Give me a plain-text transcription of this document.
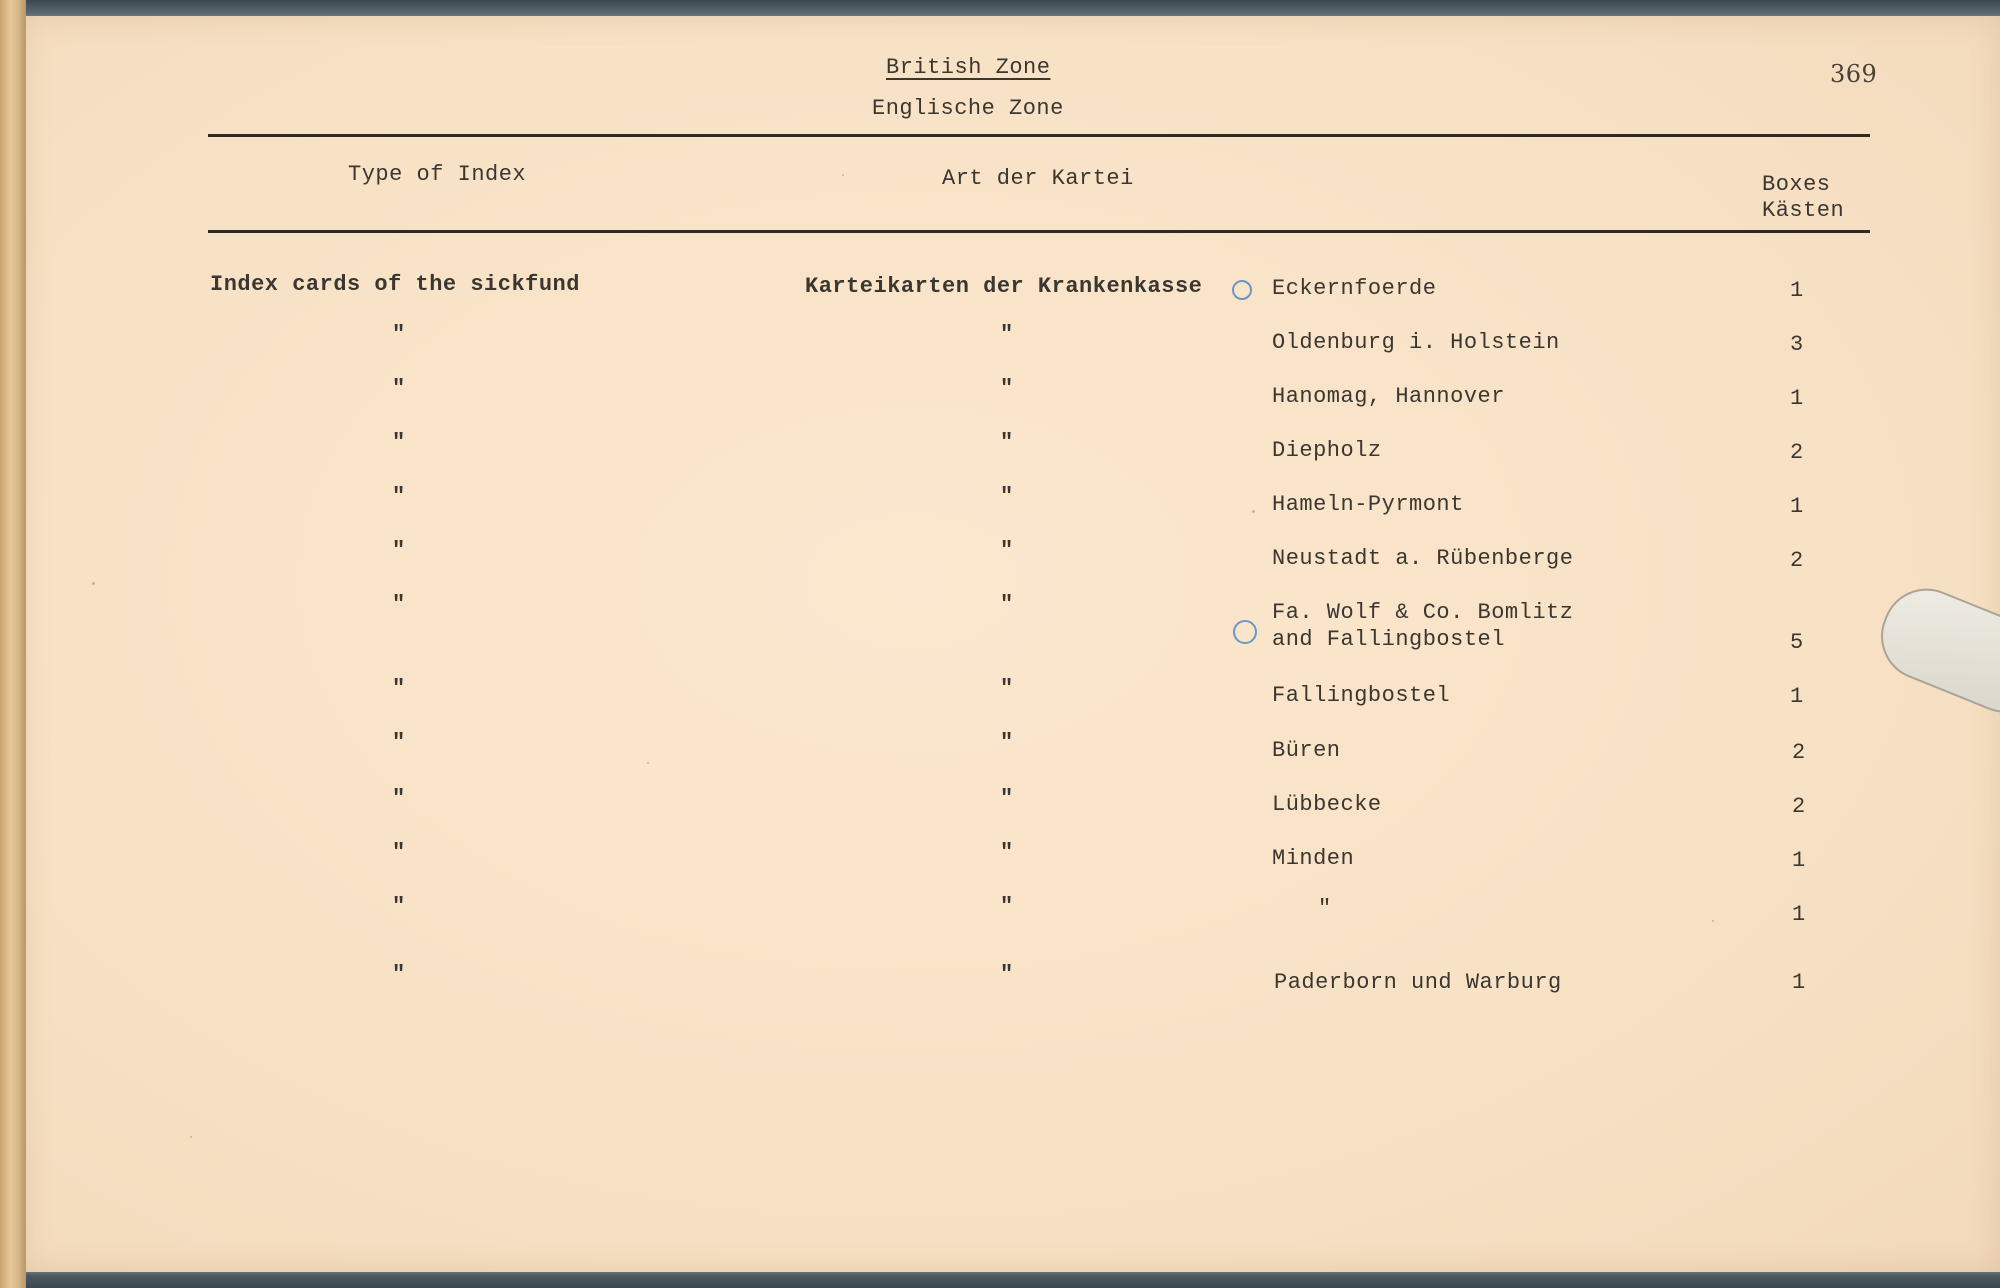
British Zone
Englische Zone
369
Type of Index	Art der Kartei	Boxes
Kästen
Index cards of the sickfund	Karteikarten der Krankenkasse	Eckernfoerde	1
"	"	Oldenburg i. Holstein	3
"	"	Hanomag, Hannover	1
"	"	Diepholz	2
"	"	Hameln-Pyrmont	1
"	"	Neustadt a. Rübenberge	2
"	"	Fa. Wolf & Co. Bomlitz
and Fallingbostel	5
"	"	Fallingbostel	1
"	"	Büren	2
"	"	Lübbecke	2
"	"	Minden	1
"	"	"	1
"	"	Paderborn und Warburg	1
